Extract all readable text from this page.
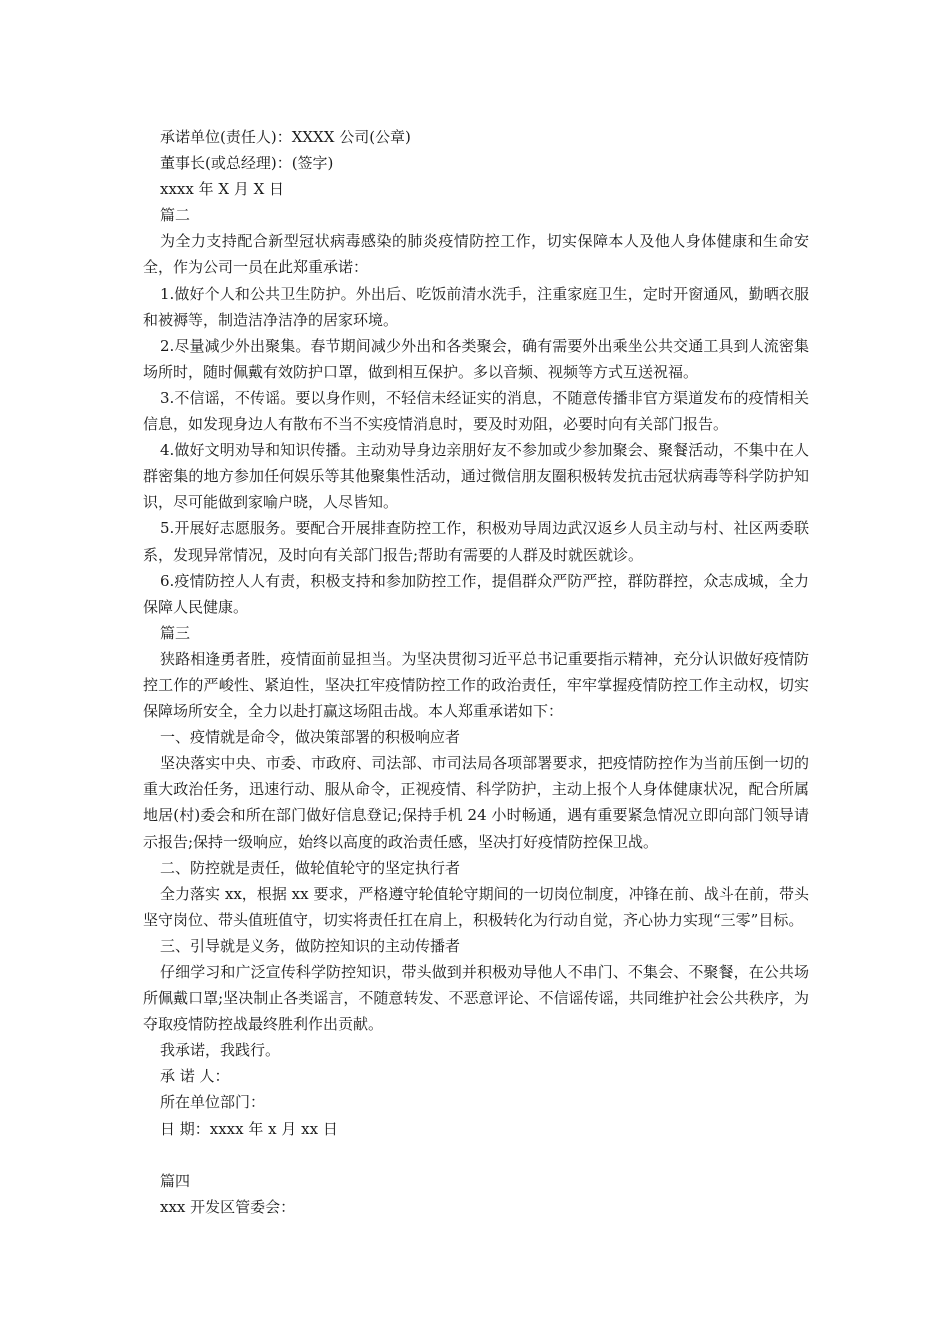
承诺单位(责任人)：XXXX 公司(公章)
董事长(或总经理)：(签字)
xxxx 年 X 月 X 日
篇二

为全力支持配合新型冠状病毒感染的肺炎疫情防控工作，切实保障本人及他人身体健康和生命安全，作为公司一员在此郑重承诺：

1.做好个人和公共卫生防护。外出后、吃饭前清水洗手，注重家庭卫生，定时开窗通风，勤晒衣服和被褥等，制造洁净洁净的居家环境。

2.尽量减少外出聚集。春节期间减少外出和各类聚会，确有需要外出乘坐公共交通工具到人流密集场所时，随时佩戴有效防护口罩，做到相互保护。多以音频、视频等方式互送祝福。

3.不信谣，不传谣。要以身作则，不轻信未经证实的消息，不随意传播非官方渠道发布的疫情相关信息，如发现身边人有散布不当不实疫情消息时，要及时劝阻，必要时向有关部门报告。

4.做好文明劝导和知识传播。主动劝导身边亲朋好友不参加或少参加聚会、聚餐活动，不集中在人群密集的地方参加任何娱乐等其他聚集性活动，通过微信朋友圈积极转发抗击冠状病毒等科学防护知识，尽可能做到家喻户晓，人尽皆知。

5.开展好志愿服务。要配合开展排查防控工作，积极劝导周边武汉返乡人员主动与村、社区两委联系，发现异常情况，及时向有关部门报告;帮助有需要的人群及时就医就诊。

6.疫情防控人人有责，积极支持和参加防控工作，提倡群众严防严控，群防群控，众志成城，全力保障人民健康。

篇三

狭路相逢勇者胜，疫情面前显担当。为坚决贯彻习近平总书记重要指示精神，充分认识做好疫情防控工作的严峻性、紧迫性，坚决扛牢疫情防控工作的政治责任，牢牢掌握疫情防控工作主动权，切实保障场所安全，全力以赴打赢这场阻击战。本人郑重承诺如下：

一、疫情就是命令，做决策部署的积极响应者

坚决落实中央、市委、市政府、司法部、市司法局各项部署要求，把疫情防控作为当前压倒一切的重大政治任务，迅速行动、服从命令，正视疫情、科学防护，主动上报个人身体健康状况，配合所属地居(村)委会和所在部门做好信息登记;保持手机 24 小时畅通，遇有重要紧急情况立即向部门领导请示报告;保持一级响应，始终以高度的政治责任感，坚决打好疫情防控保卫战。

二、防控就是责任，做轮值轮守的坚定执行者

全力落实 xx，根据 xx 要求，严格遵守轮值轮守期间的一切岗位制度，冲锋在前、战斗在前，带头坚守岗位、带头值班值守，切实将责任扛在肩上，积极转化为行动自觉，齐心协力实现“三零”目标。

三、引导就是义务，做防控知识的主动传播者

仔细学习和广泛宣传科学防控知识，带头做到并积极劝导他人不串门、不集会、不聚餐，在公共场所佩戴口罩;坚决制止各类谣言，不随意转发、不恶意评论、不信谣传谣，共同维护社会公共秩序，为夺取疫情防控战最终胜利作出贡献。

我承诺，我践行。
承 诺 人：
所在单位部门：
日 期：xxxx 年 x 月 xx 日
篇四
xxx 开发区管委会：
